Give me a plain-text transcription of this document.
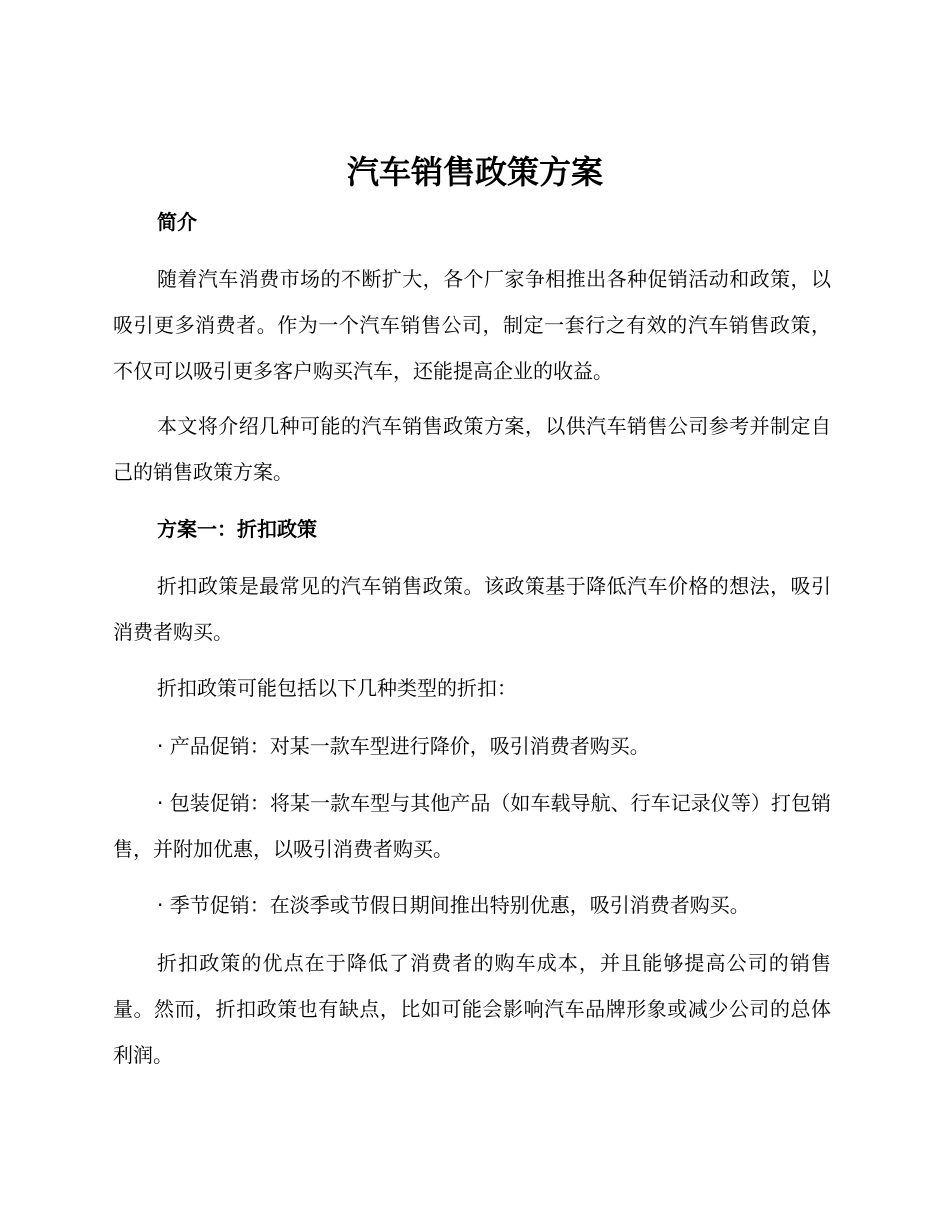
汽车销售政策方案

简介

随着汽车消费市场的不断扩大，各个厂家争相推出各种促销活动和政策，以吸引更多消费者。作为一个汽车销售公司，制定一套行之有效的汽车销售政策，不仅可以吸引更多客户购买汽车，还能提高企业的收益。

本文将介绍几种可能的汽车销售政策方案，以供汽车销售公司参考并制定自己的销售政策方案。

方案一：折扣政策

折扣政策是最常见的汽车销售政策。该政策基于降低汽车价格的想法，吸引消费者购买。

折扣政策可能包括以下几种类型的折扣：

· 产品促销：对某一款车型进行降价，吸引消费者购买。

· 包装促销：将某一款车型与其他产品（如车载导航、行车记录仪等）打包销售，并附加优惠，以吸引消费者购买。

· 季节促销：在淡季或节假日期间推出特别优惠，吸引消费者购买。

折扣政策的优点在于降低了消费者的购车成本，并且能够提高公司的销售量。然而，折扣政策也有缺点，比如可能会影响汽车品牌形象或减少公司的总体利润。
